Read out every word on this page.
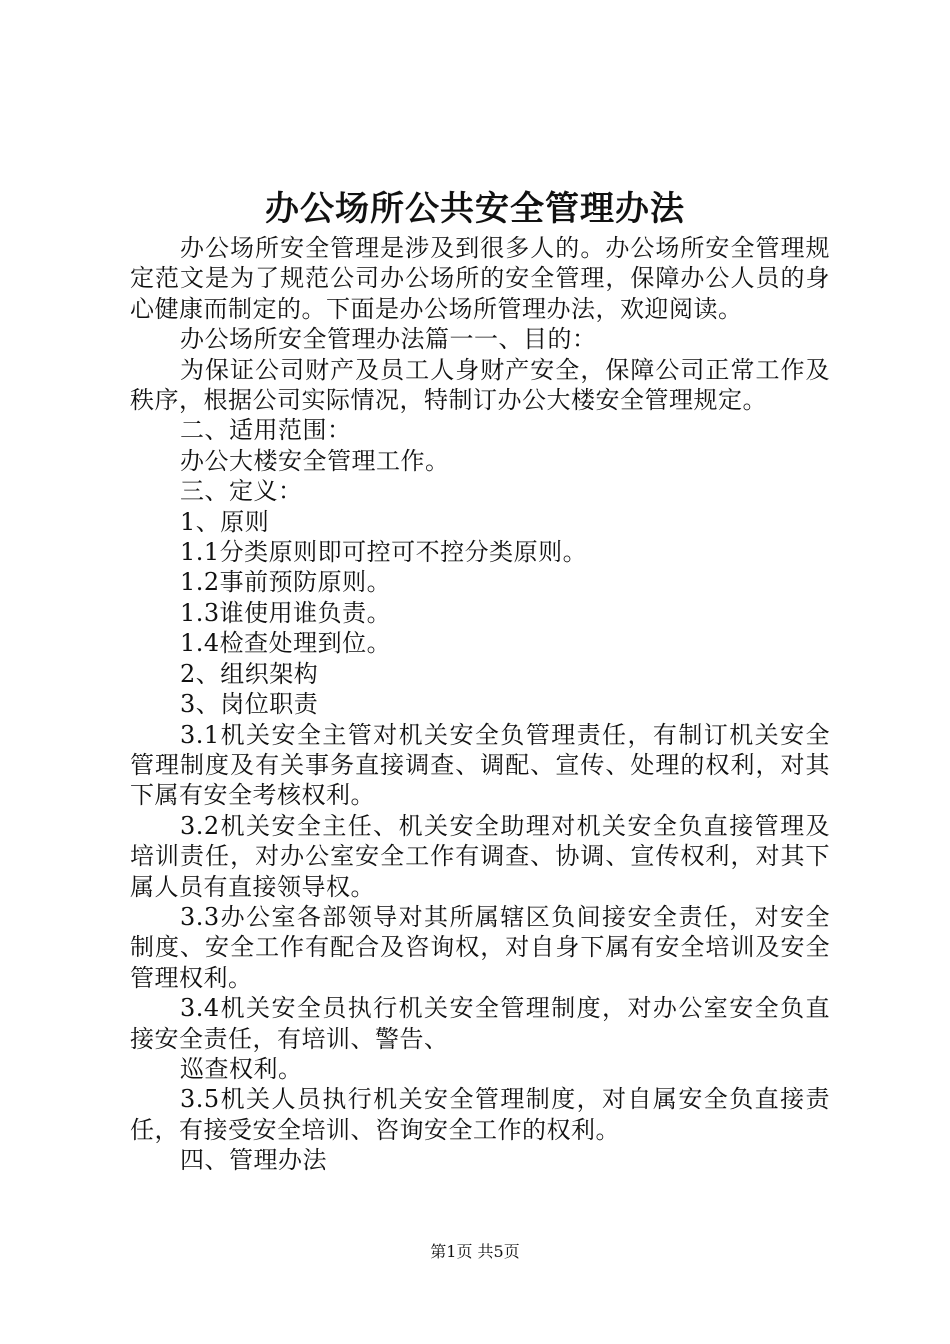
办公场所公共安全管理办法

办公场所安全管理是涉及到很多人的。办公场所安全管理规定范文是为了规范公司办公场所的安全管理，保障办公人员的身心健康而制定的。下面是办公场所管理办法，欢迎阅读。

办公场所安全管理办法篇一一、目的：

为保证公司财产及员工人身财产安全，保障公司正常工作及秩序，根据公司实际情况，特制订办公大楼安全管理规定。

二、适用范围：

办公大楼安全管理工作。

三、定义：

1、原则

1.1分类原则即可控可不控分类原则。

1.2事前预防原则。

1.3谁使用谁负责。

1.4检查处理到位。

2、组织架构

3、岗位职责

3.1机关安全主管对机关安全负管理责任，有制订机关安全管理制度及有关事务直接调查、调配、宣传、处理的权利，对其下属有安全考核权利。

3.2机关安全主任、机关安全助理对机关安全负直接管理及培训责任，对办公室安全工作有调查、协调、宣传权利，对其下属人员有直接领导权。

3.3办公室各部领导对其所属辖区负间接安全责任，对安全制度、安全工作有配合及咨询权，对自身下属有安全培训及安全管理权利。

3.4机关安全员执行机关安全管理制度，对办公室安全负直接安全责任，有培训、警告、

巡查权利。

3.5机关人员执行机关安全管理制度，对自属安全负直接责任，有接受安全培训、咨询安全工作的权利。

四、管理办法

第1页 共5页
